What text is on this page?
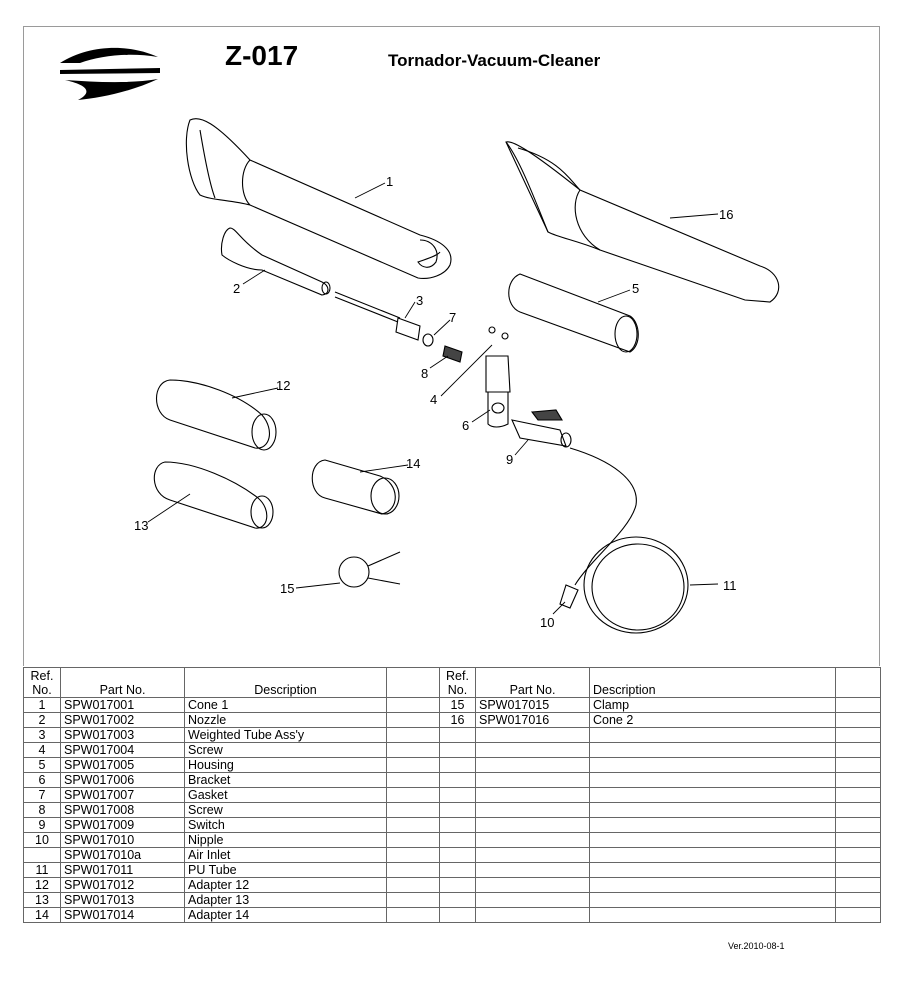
1
2
3
4
5
6
7
8
9
10
11
12
13
14
15
16
Z-017	Tornador-Vacuum-Cleaner
Ref.
No.	Part No.	Description	
1	SPW017001	Cone 1	
2	SPW017002	Nozzle	
3	SPW017003	Weighted Tube Ass'y	
4	SPW017004	Screw	
5	SPW017005	Housing	
6	SPW017006	Bracket	
7	SPW017007	Gasket	
8	SPW017008	Screw	
9	SPW017009	Switch	
10	SPW017010	Nipple	
	SPW017010a	Air Inlet	
11	SPW017011	PU Tube	
12	SPW017012	Adapter 12	
13	SPW017013	Adapter 13	
14	SPW017014	Adapter 14	
Ref.
No.	Part No.	Description	
15	SPW017015	Clamp	
16	SPW017016	Cone 2	

Ver.2010-08-1
